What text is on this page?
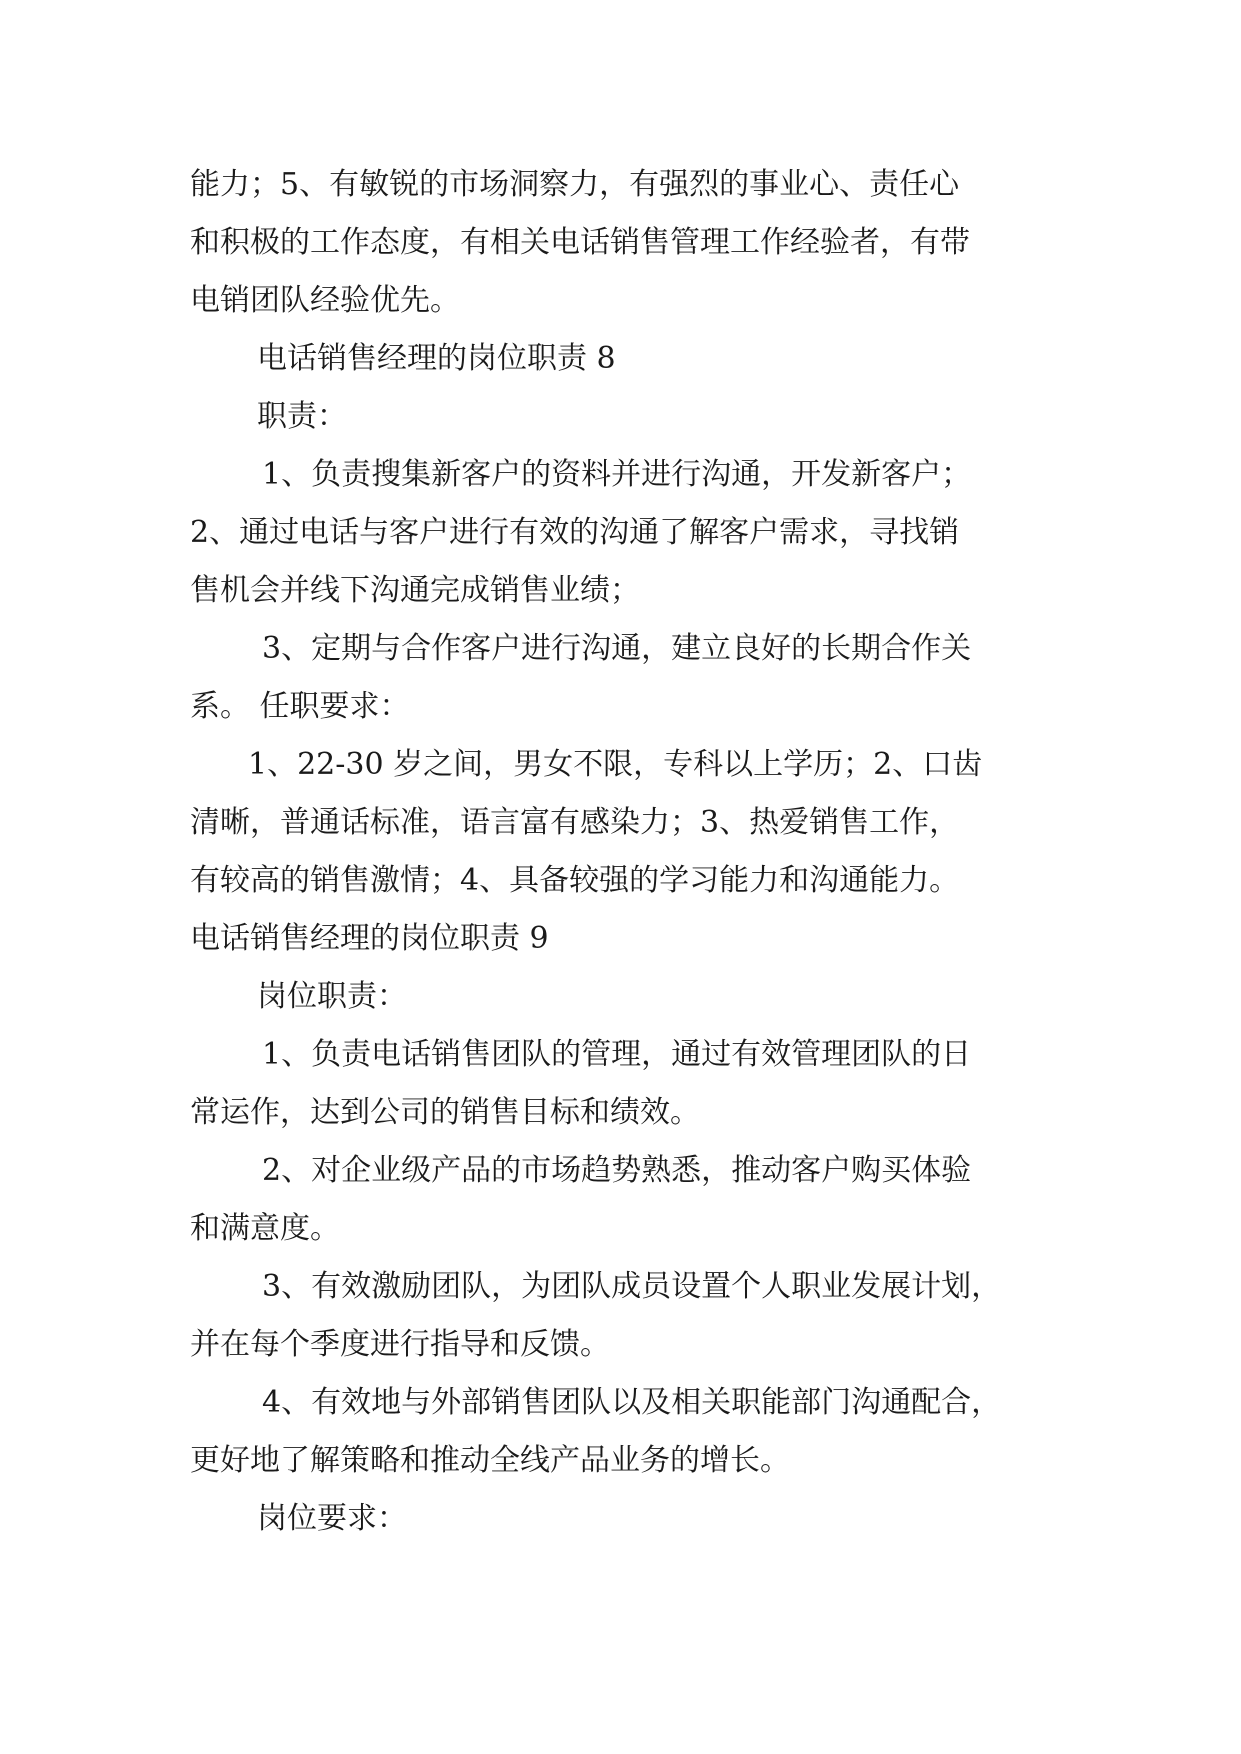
能力；5、有敏锐的市场洞察力，有强烈的事业心、责任心
和积极的工作态度，有相关电话销售管理工作经验者，有带
电销团队经验优先。
电话销售经理的岗位职责 8
职责：
1、负责搜集新客户的资料并进行沟通，开发新客户；
2、通过电话与客户进行有效的沟通了解客户需求，寻找销
售机会并线下沟通完成销售业绩；
3、定期与合作客户进行沟通，建立良好的长期合作关
系。 任职要求：
1、22-30 岁之间，男女不限，专科以上学历；2、口齿
清晰，普通话标准，语言富有感染力；3、热爱销售工作，
有较高的销售激情；4、具备较强的学习能力和沟通能力。
电话销售经理的岗位职责 9
岗位职责：
1、负责电话销售团队的管理，通过有效管理团队的日
常运作，达到公司的销售目标和绩效。
2、对企业级产品的市场趋势熟悉，推动客户购买体验
和满意度。
3、有效激励团队，为团队成员设置个人职业发展计划，
并在每个季度进行指导和反馈。
4、有效地与外部销售团队以及相关职能部门沟通配合，
更好地了解策略和推动全线产品业务的增长。
岗位要求：
